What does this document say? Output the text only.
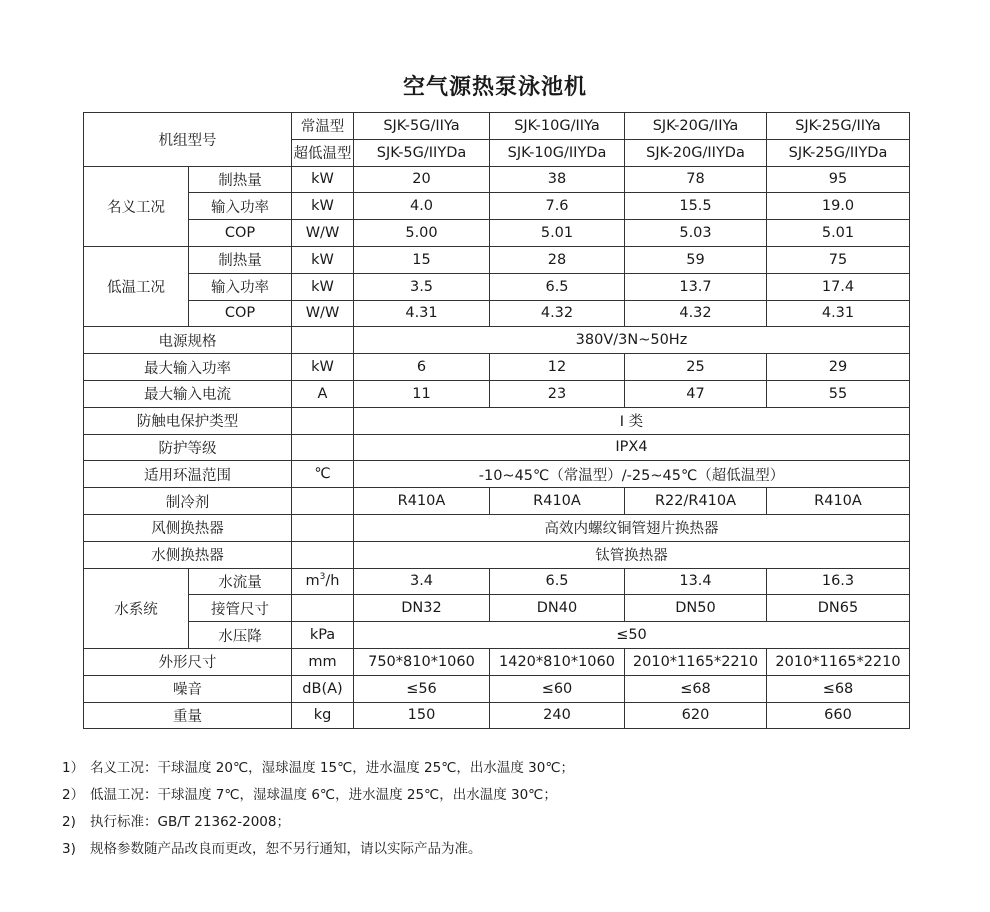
空气源热泵泳池机
机组型号		常温型	SJK-5G/IIYa	SJK-10G/IIYa	SJK-20G/IIYa	SJK-25G/IIYa
		超低温型	SJK-5G/IIYDa	SJK-10G/IIYDa	SJK-20G/IIYDa	SJK-25G/IIYDa
名义工况	制热量	kW	20	38	78	95
	输入功率	kW	4.0	7.6	15.5	19.0
	COP	W/W	5.00	5.01	5.03	5.01
低温工况	制热量	kW	15	28	59	75
	输入功率	kW	3.5	6.5	13.7	17.4
	COP	W/W	4.31	4.32	4.32	4.31
电源规格			380V/3N~50Hz			
最大输入功率		kW	6	12	25	29
最大输入电流		A	11	23	47	55
防触电保护类型			I 类			
防护等级			IPX4			
适用环温范围		℃	-10~45℃（常温型）/-25~45℃（超低温型）			
制冷剂			R410A	R410A	R22/R410A	R410A
风侧换热器			高效内螺纹铜管翅片换热器			
水侧换热器			钛管换热器			
水系统	水流量	$m^3/h$	3.4	6.5	13.4	16.3
	接管尺寸		DN32	DN40	DN50	DN65
	水压降	kPa	≤50			
外形尺寸		mm	750*810*1060	1420*810*1060	2010*1165*2210	2010*1165*2210
噪音		dB(A)	≤56	≤60	≤68	≤68
重量		kg	150	240	620	660
1） 名义工况：干球温度 20℃，湿球温度 15℃，进水温度 25℃，出水温度 30℃；
2） 低温工况：干球温度 7℃，湿球温度 6℃，进水温度 25℃，出水温度 30℃；
2) 执行标准：GB/T 21362-2008；
3) 规格参数随产品改良而更改，恕不另行通知，请以实际产品为准。
